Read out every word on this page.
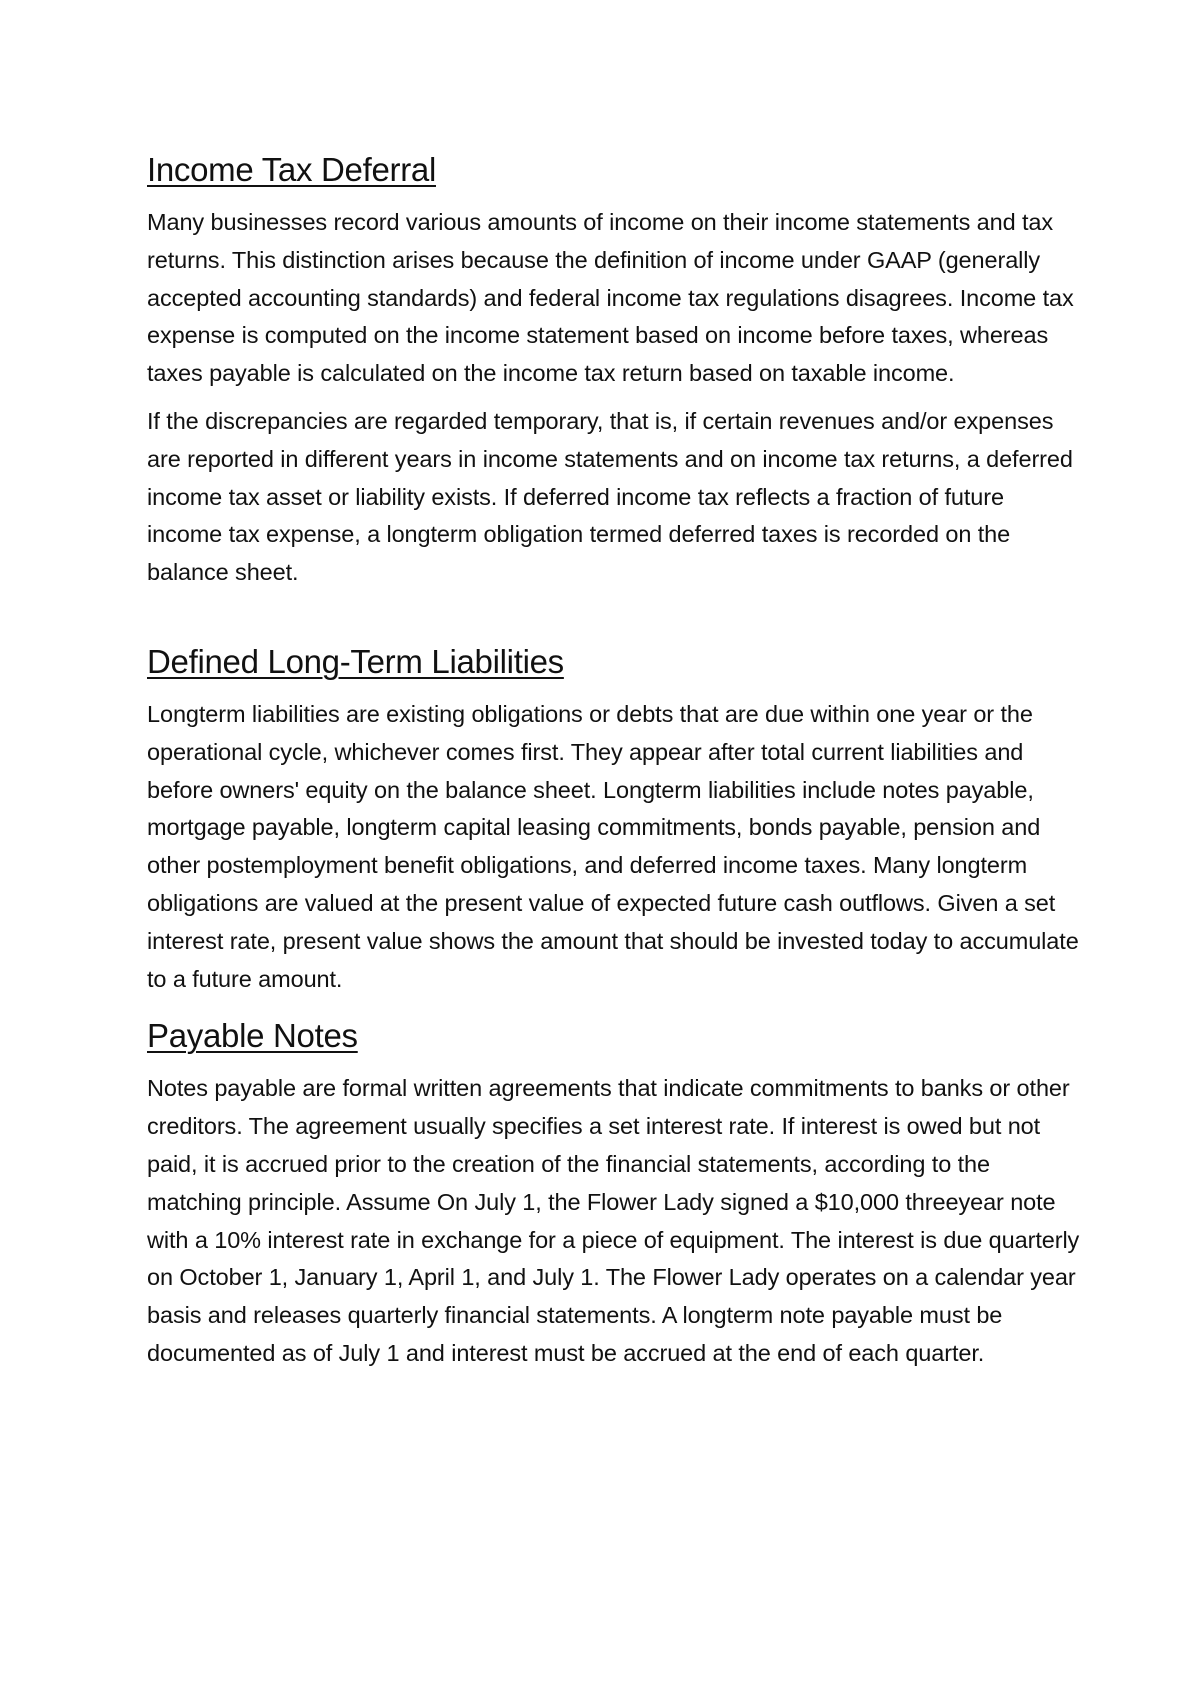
Income Tax Deferral

Many businesses record various amounts of income on their income statements and tax returns. This distinction arises because the definition of income under GAAP (generally accepted accounting standards) and federal income tax regulations disagrees. Income tax expense is computed on the income statement based on income before taxes, whereas taxes payable is calculated on the income tax return based on taxable income.

If the discrepancies are regarded temporary, that is, if certain revenues and/or expenses are reported in different years in income statements and on income tax returns, a deferred income tax asset or liability exists. If deferred income tax reflects a fraction of future income tax expense, a longterm obligation termed deferred taxes is recorded on the balance sheet.

Defined Long-Term Liabilities

Longterm liabilities are existing obligations or debts that are due within one year or the operational cycle, whichever comes first. They appear after total current liabilities and before owners' equity on the balance sheet. Longterm liabilities include notes payable, mortgage payable, longterm capital leasing commitments, bonds payable, pension and other postemployment benefit obligations, and deferred income taxes. Many longterm obligations are valued at the present value of expected future cash outflows. Given a set interest rate, present value shows the amount that should be invested today to accumulate to a future amount.

Payable Notes

Notes payable are formal written agreements that indicate commitments to banks or other creditors. The agreement usually specifies a set interest rate. If interest is owed but not paid, it is accrued prior to the creation of the financial statements, according to the matching principle. Assume On July 1, the Flower Lady signed a $10,000 threeyear note with a 10% interest rate in exchange for a piece of equipment. The interest is due quarterly on October 1, January 1, April 1, and July 1. The Flower Lady operates on a calendar year basis and releases quarterly financial statements. A longterm note payable must be documented as of July 1 and interest must be accrued at the end of each quarter.
